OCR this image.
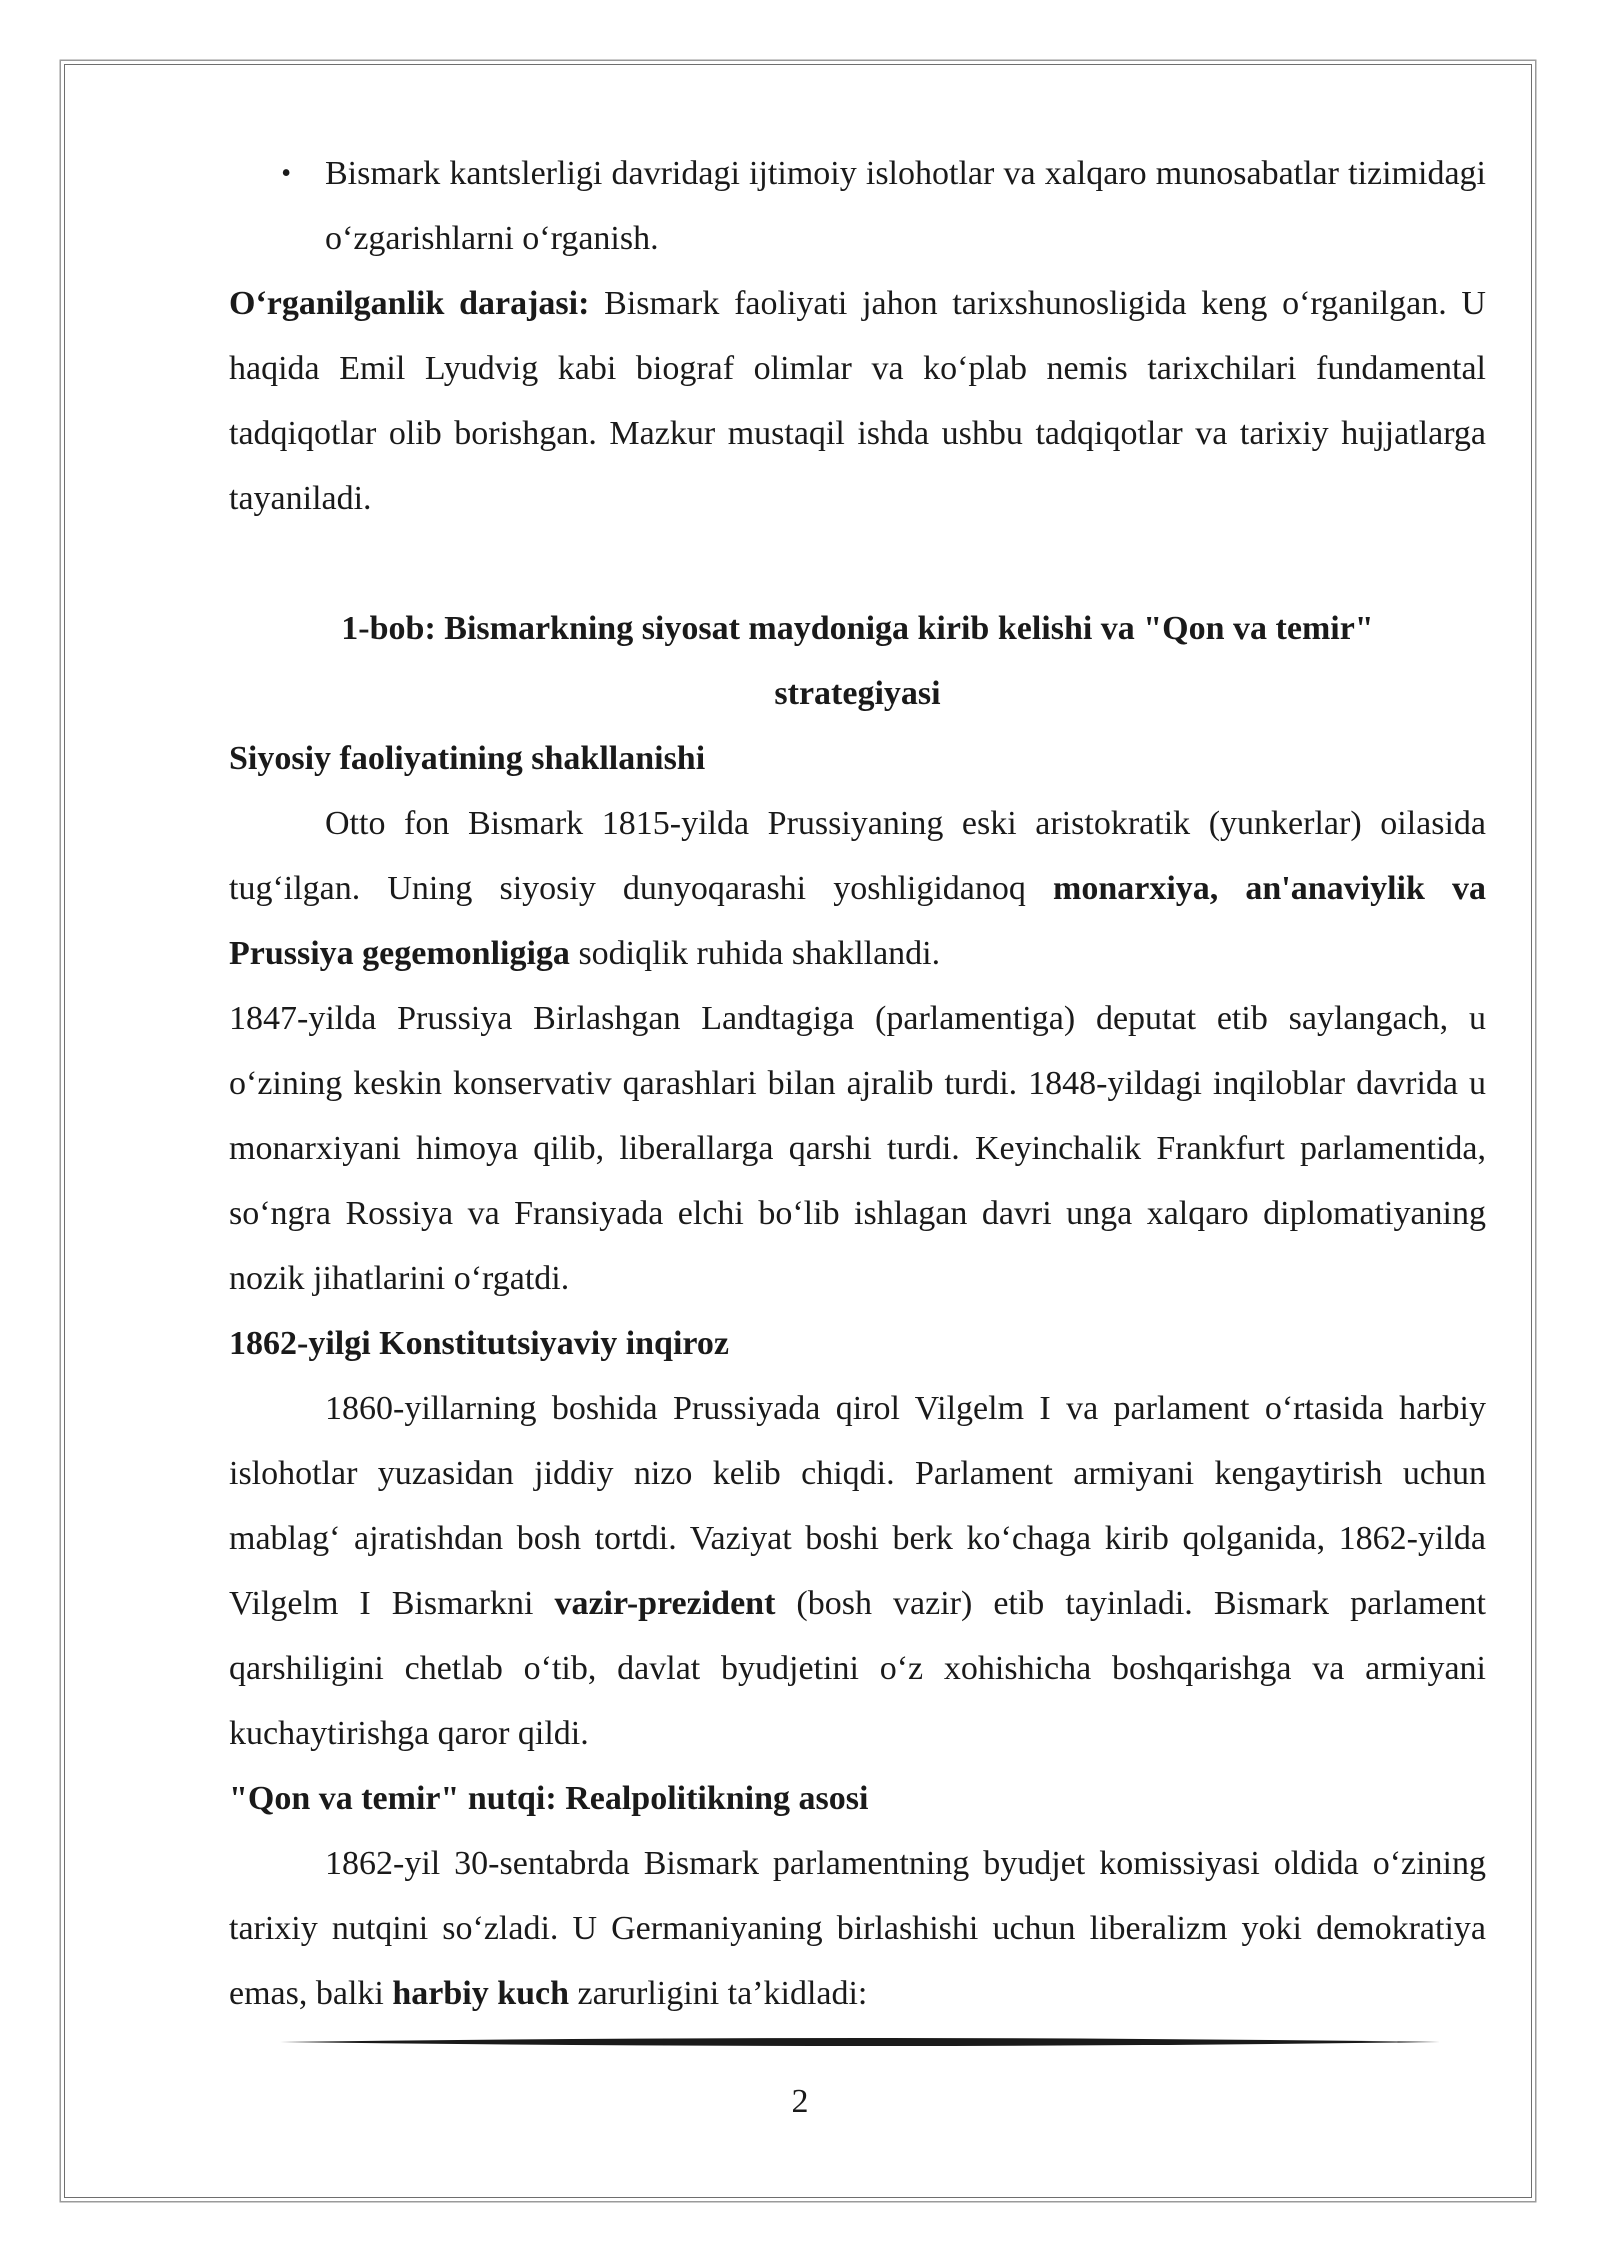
•	Bismark kantslerligi davridagi ijtimoiy islohotlar va xalqaro munosabatlar tizimidagi o‘zgarishlarni o‘rganish.

O‘rganilganlik darajasi: Bismark faoliyati jahon tarixshunosligida keng o‘rganilgan. U haqida Emil Lyudvig kabi biograf olimlar va ko‘plab nemis tarixchilari fundamental tadqiqotlar olib borishgan. Mazkur mustaqil ishda ushbu tadqiqotlar va tarixiy hujjatlarga tayaniladi.

1-bob: Bismarkning siyosat maydoniga kirib kelishi va "Qon va temir" strategiyasi
Siyosiy faoliyatining shakllanishi

Otto fon Bismark 1815-yilda Prussiyaning eski aristokratik (yunkerlar) oilasida tug‘ilgan. Uning siyosiy dunyoqarashi yoshligidanoq monarxiya, an'anaviylik va Prussiya gegemonligiga sodiqlik ruhida shakllandi.

1847-yilda Prussiya Birlashgan Landtagiga (parlamentiga) deputat etib saylangach, u o‘zining keskin konservativ qarashlari bilan ajralib turdi. 1848-yildagi inqiloblar davrida u monarxiyani himoya qilib, liberallarga qarshi turdi. Keyinchalik Frankfurt parlamentida, so‘ngra Rossiya va Fransiyada elchi bo‘lib ishlagan davri unga xalqaro diplomatiyaning nozik jihatlarini o‘rgatdi.

1862-yilgi Konstitutsiyaviy inqiroz

1860-yillarning boshida Prussiyada qirol Vilgelm I va parlament o‘rtasida harbiy islohotlar yuzasidan jiddiy nizo kelib chiqdi. Parlament armiyani kengaytirish uchun mablag‘ ajratishdan bosh tortdi. Vaziyat boshi berk ko‘chaga kirib qolganida, 1862-yilda Vilgelm I Bismarkni vazir-prezident (bosh vazir) etib tayinladi. Bismark parlament qarshiligini chetlab o‘tib, davlat byudjetini o‘z xohishicha boshqarishga va armiyani kuchaytirishga qaror qildi.

"Qon va temir" nutqi: Realpolitikning asosi

1862-yil 30-sentabrda Bismark parlamentning byudjet komissiyasi oldida o‘zining tarixiy nutqini so‘zladi. U Germaniyaning birlashishi uchun liberalizm yoki demokratiya emas, balki harbiy kuch zarurligini ta’kidladi:

2
